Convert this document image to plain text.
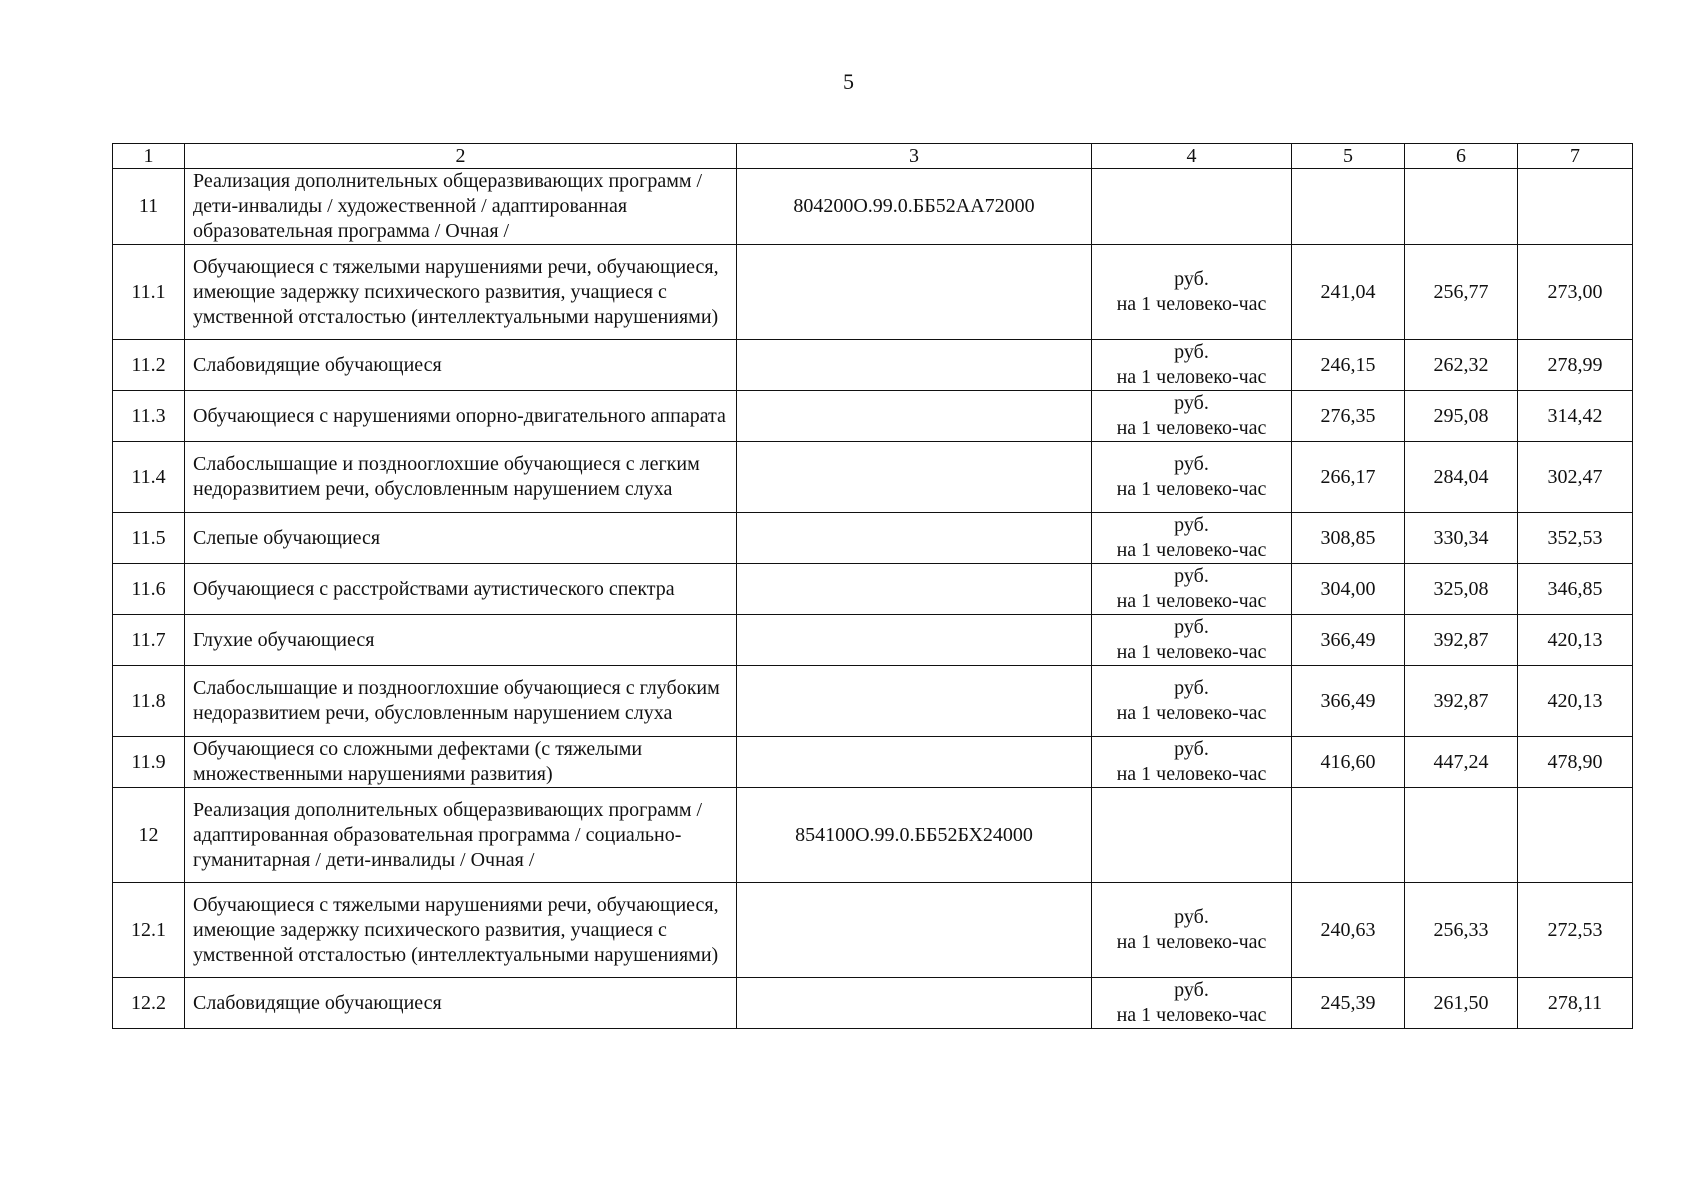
5
1	2	3	4	5	6	7
11	Реализация дополнительных общеразвивающих программ / дети-инвалиды / художественной / адаптированная образовательная программа / Очная /	804200О.99.0.ББ52АА72000	

11.1	Обучающиеся с тяжелыми нарушениями речи, обучающиеся, имеющие задержку психического развития, учащиеся с умственной отсталостью (интеллектуальными нарушениями)		руб.
на 1 человеко-час	241,04	256,77	273,00
11.2	Слабовидящие обучающиеся		руб.
на 1 человеко-час	246,15	262,32	278,99
11.3	Обучающиеся с нарушениями опорно-двигательного аппарата		руб.
на 1 человеко-час	276,35	295,08	314,42
11.4	Слабослышащие и позднооглохшие обучающиеся с легким недоразвитием речи, обусловленным нарушением слуха		руб.
на 1 человеко-час	266,17	284,04	302,47
11.5	Слепые обучающиеся		руб.
на 1 человеко-час	308,85	330,34	352,53
11.6	Обучающиеся с расстройствами аутистического спектра		руб.
на 1 человеко-час	304,00	325,08	346,85
11.7	Глухие обучающиеся		руб.
на 1 человеко-час	366,49	392,87	420,13
11.8	Слабослышащие и позднооглохшие обучающиеся с глубоким недоразвитием речи, обусловленным нарушением слуха		руб.
на 1 человеко-час	366,49	392,87	420,13
11.9	Обучающиеся со сложными дефектами (с тяжелыми множественными нарушениями развития)		руб.
на 1 человеко-час	416,60	447,24	478,90
12	Реализация дополнительных общеразвивающих программ / адаптированная образовательная программа / социально-гуманитарная / дети-инвалиды / Очная /	854100О.99.0.ББ52БХ24000	

12.1	Обучающиеся с тяжелыми нарушениями речи, обучающиеся, имеющие задержку психического развития, учащиеся с умственной отсталостью (интеллектуальными нарушениями)		руб.
на 1 человеко-час	240,63	256,33	272,53
12.2	Слабовидящие обучающиеся		руб.
на 1 человеко-час	245,39	261,50	278,11
